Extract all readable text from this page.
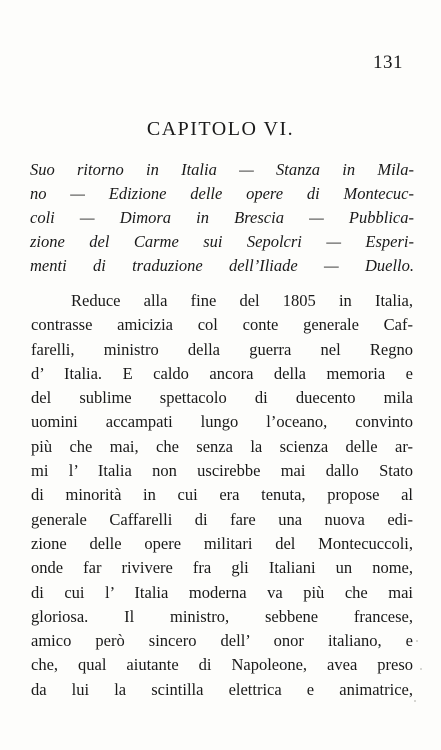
131
CAPITOLO VI.
Suo ritorno in Italia — Stanza in Mila-
no — Edizione delle opere di Montecuc-
coli — Dimora in Brescia — Pubblica-
zione del Carme sui Sepolcri — Esperi-
menti di traduzione dell’Iliade — Duello.
Reduce alla fine del 1805 in Italia,
contrasse amicizia col conte generale Caf-
farelli, ministro della guerra nel Regno
d’ Italia. E caldo ancora della memoria e
del sublime spettacolo di duecento mila
uomini accampati lungo l’oceano, convinto
più che mai, che senza la scienza delle ar-
mi l’ Italia non uscirebbe mai dallo Stato
di minorità in cui era tenuta, propose al
generale Caffarelli di fare una nuova edi-
zione delle opere militari del Montecuccoli,
onde far rivivere fra gli Italiani un nome,
di cui l’ Italia moderna va più che mai
gloriosa. Il ministro, sebbene francese,
amico però sincero dell’ onor italiano, e
che, qual aiutante di Napoleone, avea preso
da lui la scintilla elettrica e animatrice,
